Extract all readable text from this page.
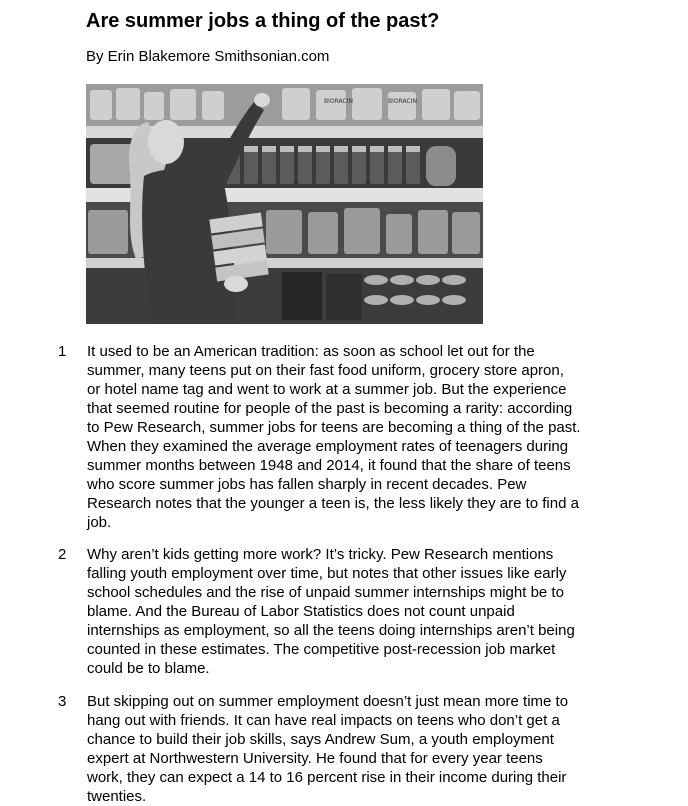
Are summer jobs a thing of the past?

By Erin Blakemore Smithsonian.com

BIORACIN	BIORACIN
1	It used to be an American tradition: as soon as school let out for the
summer, many teens put on their fast food uniform, grocery store apron,
or hotel name tag and went to work at a summer job. But the experience
that seemed routine for people of the past is becoming a rarity: according
to Pew Research, summer jobs for teens are becoming a thing of the past.
When they examined the average employment rates of teenagers during
summer months between 1948 and 2014, it found that the share of teens
who score summer jobs has fallen sharply in recent decades. Pew
Research notes that the younger a teen is, the less likely they are to find a
job.
2	Why aren’t kids getting more work? It’s tricky. Pew Research mentions
falling youth employment over time, but notes that other issues like early
school schedules and the rise of unpaid summer internships might be to
blame. And the Bureau of Labor Statistics does not count unpaid
internships as employment, so all the teens doing internships aren’t being
counted in these estimates. The competitive post-recession job market
could be to blame.
3	But skipping out on summer employment doesn’t just mean more time to
hang out with friends. It can have real impacts on teens who don’t get a
chance to build their job skills, says Andrew Sum, a youth employment
expert at Northwestern University. He found that for every year teens
work, they can expect a 14 to 16 percent rise in their income during their
twenties.
